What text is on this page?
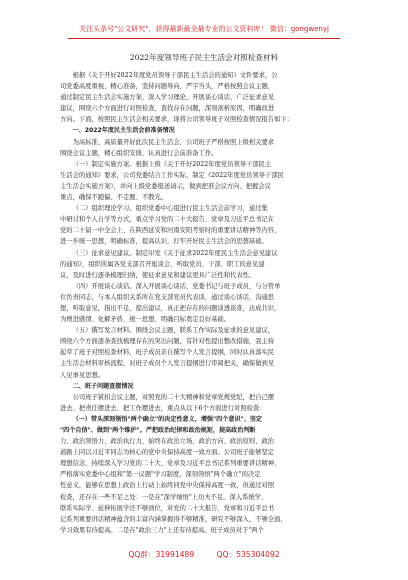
关注头条号"公文研究"，获得最新最全最专业的公文资料库！ 微信：gongwenyj
2022年度领导班子民主生活会对照检查材料
根据《关于开好2022年度党员领导干部民主生活会的通知》文件要求，公
司党委高度重视、精心准备，坚持问题导向，严字当头，严格按照会议主题，
通过制定民主生活会实施方案、深入学习理论、开展谈心谈话、广泛征求意见
建议，围绕六个方面进行对照检查，查找存在问题，深刻剖析原因，明确改进
方向。下面，按照民主生活会相关要求，现将公司领导班子对照检查情况报告如下：
一、2022年度民主生活会前准备情况
为高标准、高质量开好此次民主生活会，公司班子严格按照上级相关要求
围绕会议主题，精心组织安排，认真进行会前准备工作。
（一）制定实施方案。根据上级《关于开好2022年度党员领导干部民主
生活会的通知》要求，公司党委结合工作实际，制定《2022年度党员领导干部民
主生活会实施方案》，并向上级党委报送请示，做到把准会议方向、把握会议
重点，确保不跑偏、不走题、不散光。
（二）组织理论学习。组织党委中心组进行民主生活会前学习，通过集
中研讨和个人自学等方式，重点学习党的二十大报告、党章及习近平总书记在
党的二十届一中全会上、在陕西延安和河南安阳考察时的重要讲话精神等内容，
进一步统一思想，明确标准，提高认识，打牢开好民主生活会的思想基础。
（三）征求意见建议。制定印发《关于征求2022年度民主生活会意见建议
的通知》，组织所属各党支部召开座谈会，听取党员、干部、职工的意见建
议，及时进行逐条梳理归纳，使征求意见和建议更具广泛性和代表性。
（四）开展谈心谈话。深入开展谈心谈话，党委书记与班子成员、与分管单
位负责同志，与本人组织关系所在党支部党员代表谈，通过谈心谈话，沟通思
想，听取意见，指出不足，提出建议，真正把存在的问题谈透谈准，达成共识，
为增进感情、化解矛盾、统一思想、明确目标奠定良好基础。
（五）撰写发言材料。围绕会议主题，联系工作实际及征求的意见建议，
围绕六个方面逐条查找梳理存在的突出问题，有针对性提出整改措施，我主持
起草了班子对照检查材料，班子成员亲自撰写个人发言提纲，同时认真落实民
主生活会材料审核流程，对班子成员个人发言提纲进行审阅把关，确保做到见
人见事见思想。
二、班子问题查摆情况
公司班子紧扣会议主题，对照党的二十大精神和党章党规党纪，把自己摆
进去、把责任摆进去、把工作摆进去，重点从以下6个方面进行对照检查：
（一）带头深刻领悟"两个确立"的决定性意义，增强"四个意识"、坚定
"四个自信"、做到"两个维护"。严把政治纪律和政治规矩，提高政治判断
力、政治领悟力、政治执行力，始终在政治立场、政治方向、政治原则、政治
道路上同以习近平同志为核心的党中央保持高度一致方面。公司班子能够坚定
理想信念，持续深入学习党的二十大、党章及习近平总书记系列重要讲话精神，
严格落实党委中心组和"第一议题"学习制度，深刻领悟"两个确立"的决定
性意义，能够在思想上政治上行动上始终同党中央保持高度一致，但通过对照
检查，还存在一些不足之处：一是在"深学细悟"上功夫不足。深入系统学、
联系实际学、延伸拓展学还不够到位，对党的二十大报告、党章和习近平总书
记系列重要讲话精神蕴含的丰富内涵掌握得不够精准，研究不够深入、不够全面，
学习效果有待提高。二是在"政治三力"上还有待提高。班子成员对于"两个
QQ群：31991489	QQ：535304092
